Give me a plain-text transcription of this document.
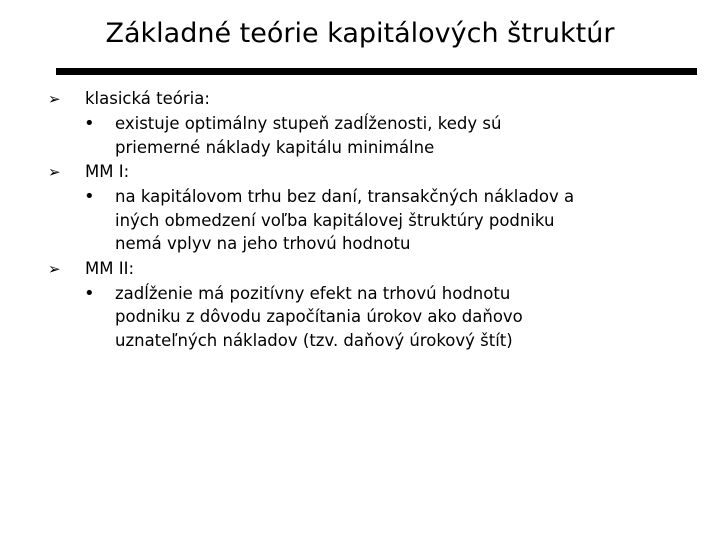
Základné teórie kapitálových štruktúr
➢ klasická teória:
• existuje optimálny stupeň zadĺženosti, kedy sú
priemerné náklady kapitálu minimálne
➢ MM I:
• na kapitálovom trhu bez daní, transakčných nákladov a
iných obmedzení voľba kapitálovej štruktúry podniku
nemá vplyv na jeho trhovú hodnotu
➢ MM II:
• zadĺženie má pozitívny efekt na trhovú hodnotu
podniku z dôvodu započítania úrokov ako daňovo
uznateľných nákladov (tzv. daňový úrokový štít)
